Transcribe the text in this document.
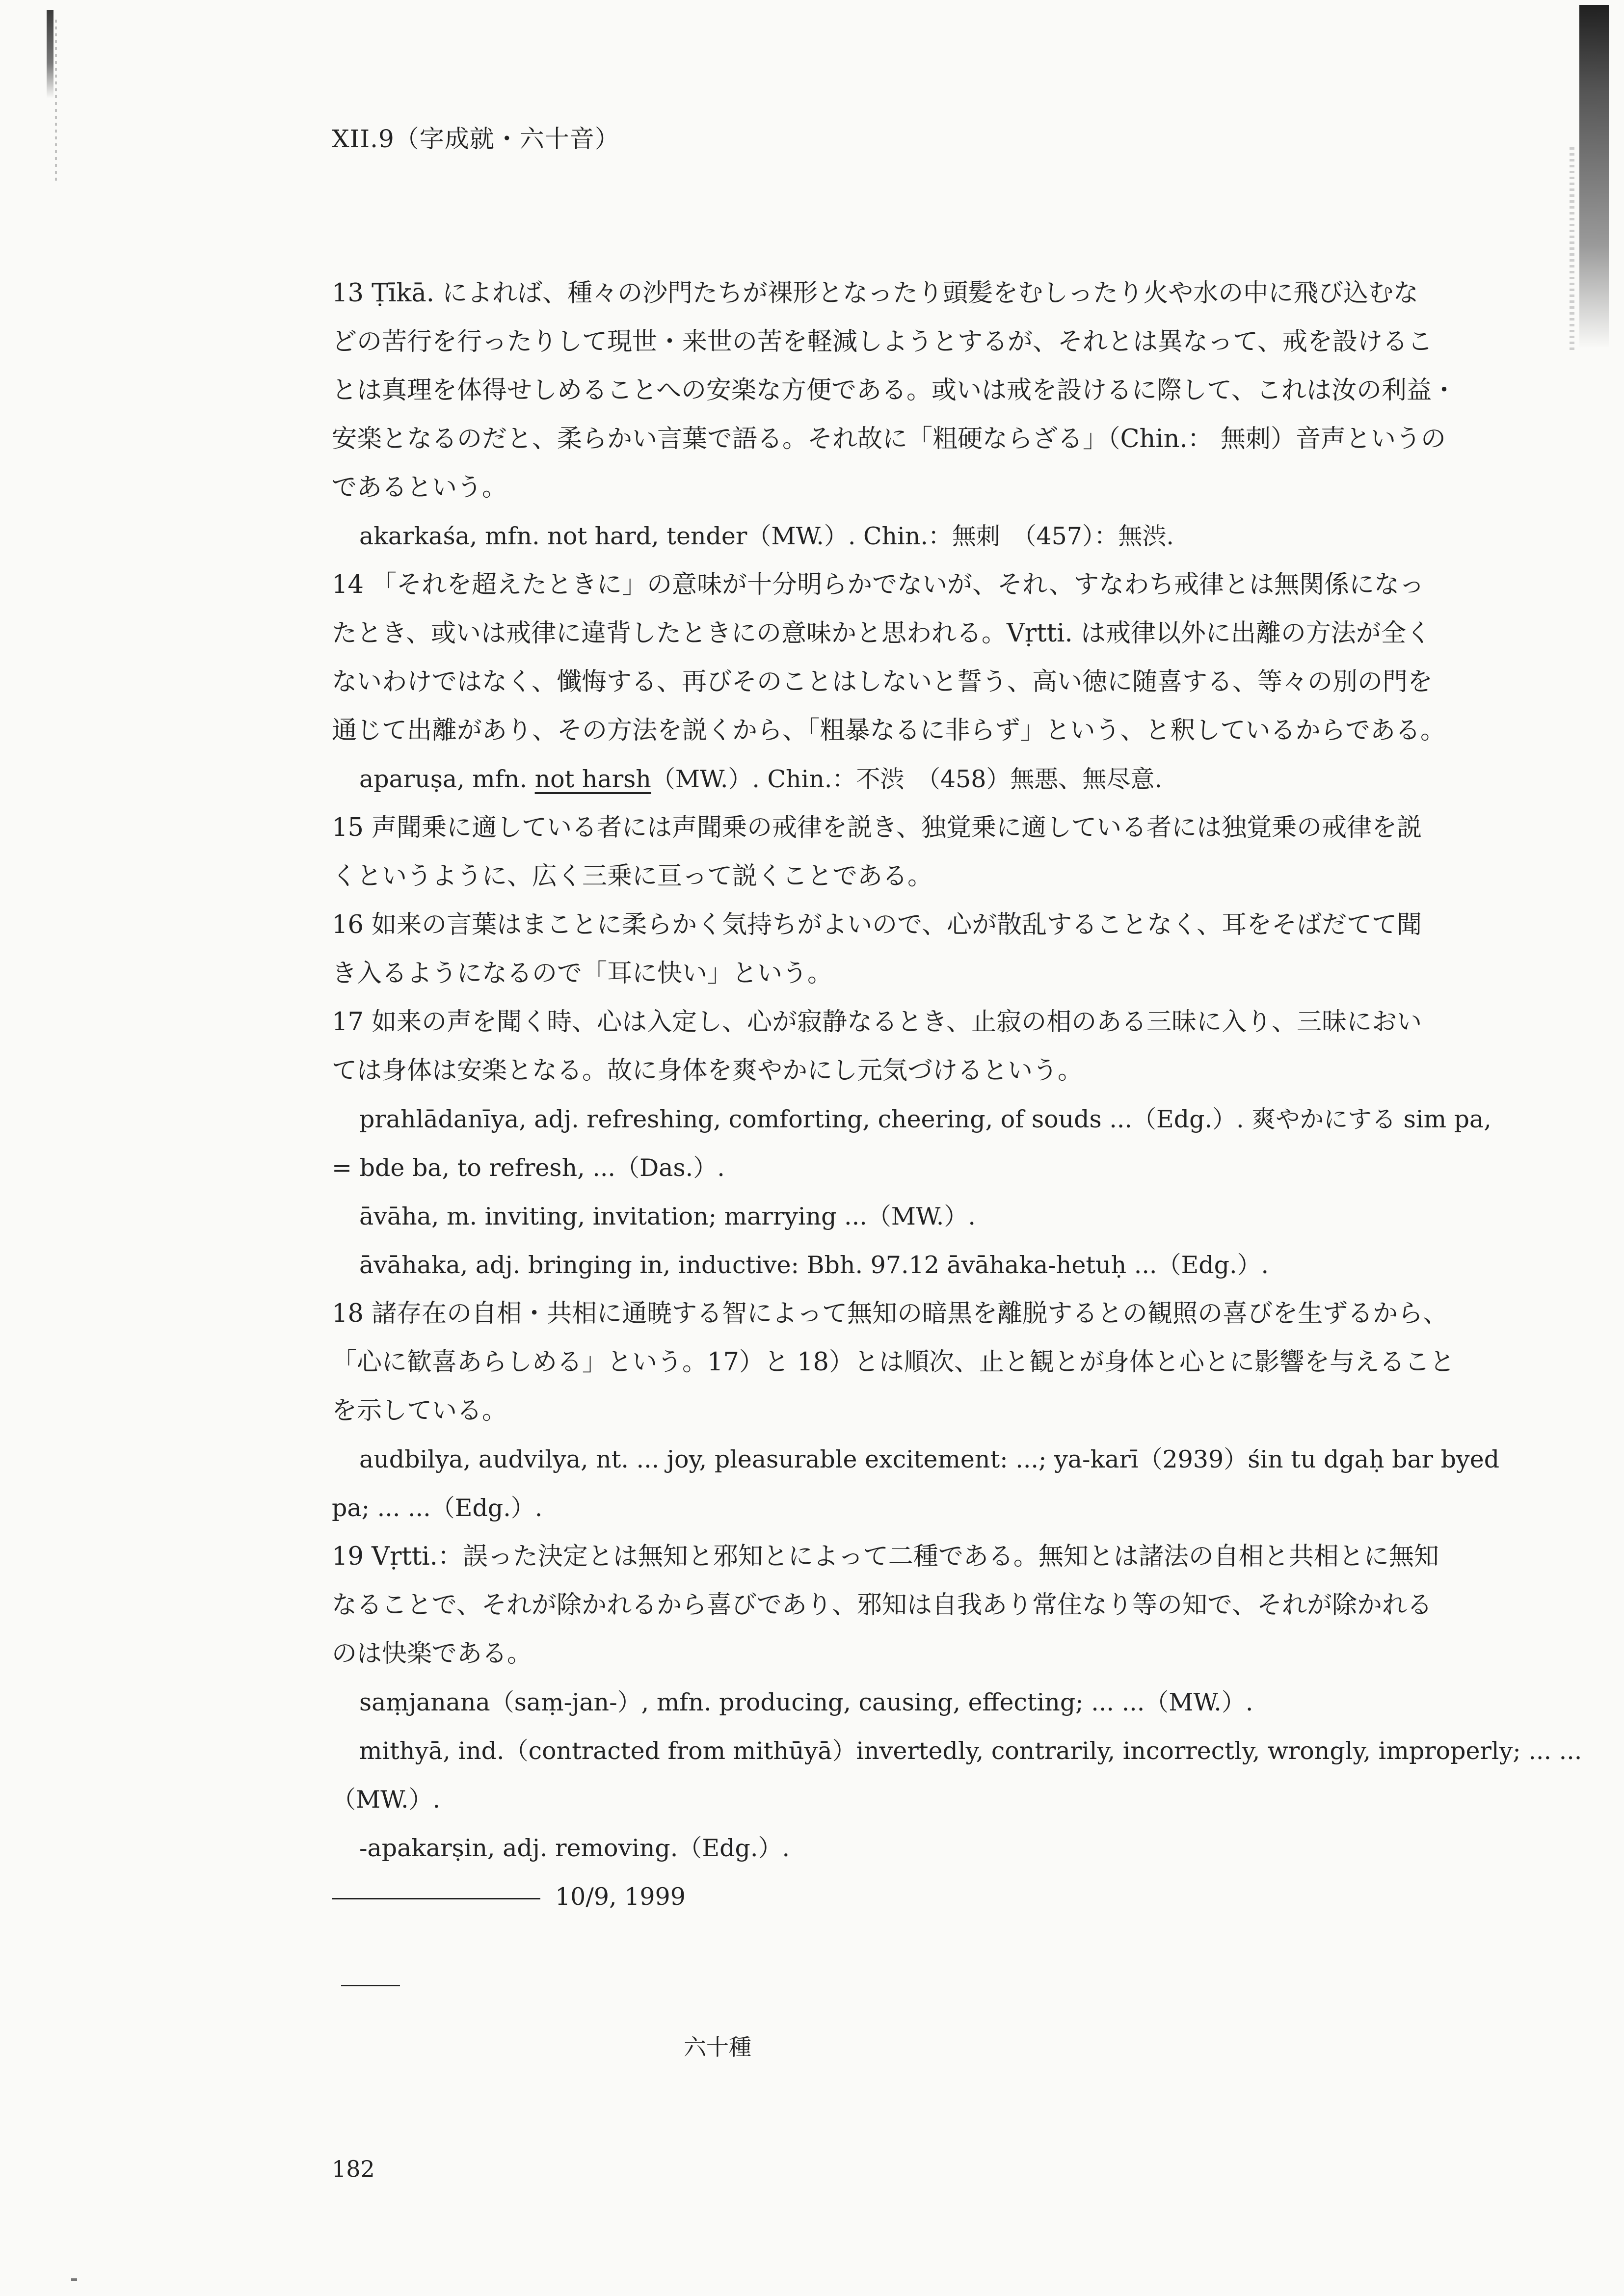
XII.9（字成就・六十音）

13 Ṭīkā. によれば、種々の沙門たちが裸形となったり頭髪をむしったり火や水の中に飛び込むな
どの苦行を行ったりして現世・来世の苦を軽減しようとするが、それとは異なって、戒を設けるこ
とは真理を体得せしめることへの安楽な方便である。或いは戒を設けるに際して、これは汝の利益・
安楽となるのだと、柔らかい言葉で語る。それ故に「粗硬ならざる」（Chin.： 無刺）音声というの
であるという。

akarkaśa, mfn. not hard, tender（MW.）. Chin.：無刺　（457）：無渋.

14 「それを超えたときに」の意味が十分明らかでないが、それ、すなわち戒律とは無関係になっ
たとき、或いは戒律に違背したときにの意味かと思われる。Vṛtti. は戒律以外に出離の方法が全く
ないわけではなく、懺悔する、再びそのことはしないと誓う、高い徳に随喜する、等々の別の門を
通じて出離があり、その方法を説くから、「粗暴なるに非らず」という、と釈しているからである。

aparuṣa, mfn. not harsh（MW.）. Chin.：不渋　（458）無悪、無尽意.

15 声聞乗に適している者には声聞乗の戒律を説き、独覚乗に適している者には独覚乗の戒律を説
くというように、広く三乗に亘って説くことである。

16 如来の言葉はまことに柔らかく気持ちがよいので、心が散乱することなく、耳をそばだてて聞
き入るようになるので「耳に快い」という。

17 如来の声を聞く時、心は入定し、心が寂静なるとき、止寂の相のある三昧に入り、三昧におい
ては身体は安楽となる。故に身体を爽やかにし元気づけるという。

prahlādanīya, adj. refreshing, comforting, cheering, of souds ...（Edg.）. 爽やかにする sim pa,

= bde ba, to refresh, ...（Das.）.

āvāha, m. inviting, invitation; marrying ...（MW.）.

āvāhaka, adj. bringing in, inductive: Bbh. 97.12 āvāhaka-hetuḥ ...（Edg.）.

18 諸存在の自相・共相に通暁する智によって無知の暗黒を離脱するとの観照の喜びを生ずるから、
「心に歓喜あらしめる」という。17）と 18）とは順次、止と観とが身体と心とに影響を与えること
を示している。

audbilya, audvilya, nt. ... joy, pleasurable excitement: ...; ya-karī（2939）śin tu dgaḥ bar byed

pa; ... ...（Edg.）.

19 Vṛtti.：誤った決定とは無知と邪知とによって二種である。無知とは諸法の自相と共相とに無知
なることで、それが除かれるから喜びであり、邪知は自我あり常住なり等の知で、それが除かれる
のは快楽である。

saṃjanana（saṃ-jan-）, mfn. producing, causing, effecting; ... ...（MW.）.

mithyā, ind.（contracted from mithūyā）invertedly, contrarily, incorrectly, wrongly, improperly; ... ...

（MW.）.

-apakarṣin, adj. removing.（Edg.）.

10/9, 1999

六十種
182
